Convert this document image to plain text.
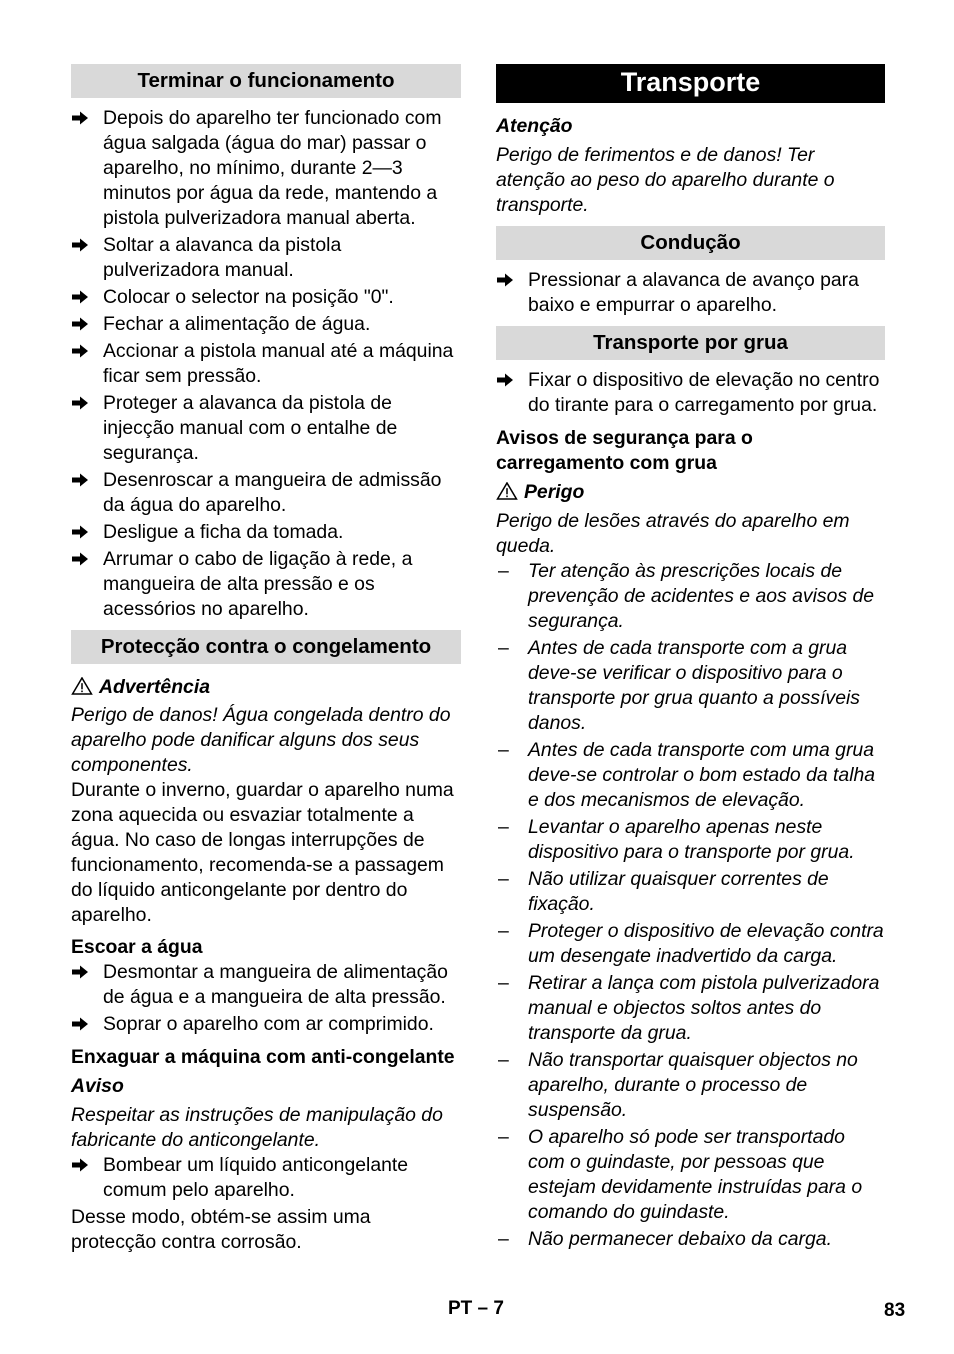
Terminar o funcionamento
Depois do aparelho ter funcionado com água salgada (água do mar) passar o aparelho, no mínimo, durante 2—3 minutos por água da rede, mantendo a pistola pulverizadora manual aberta.
Soltar a alavanca da pistola pulverizadora manual.
Colocar o selector na posição "0".
Fechar a alimentação de água.
Accionar a pistola manual até a máquina ficar sem pressão.
Proteger a alavanca da pistola de injecção manual com o entalhe de segurança.
Desenroscar a mangueira de admissão da água do aparelho.
Desligue a ficha da tomada.
Arrumar o cabo de ligação à rede, a mangueira de alta pressão e os acessórios no aparelho.
Protecção contra o congelamento

Advertência

Perigo de danos! Água congelada dentro do aparelho pode danificar alguns dos seus componentes.

Durante o inverno, guardar o aparelho numa zona aquecida ou esvaziar totalmente a água. No caso de longas interrupções de funcionamento, recomenda-se a passagem do líquido anticongelante por dentro do aparelho.

Escoar a água

Desmontar a mangueira de alimentação de água e a mangueira de alta pressão.
Soprar o aparelho com ar comprimido.

Enxaguar a máquina com anti-congelante

Aviso

Respeitar as instruções de manipulação do fabricante do anticongelante.

Bombear um líquido anticongelante comum pelo aparelho.

Desse modo, obtém-se assim uma protecção contra corrosão.

Transporte

Atenção

Perigo de ferimentos e de danos! Ter atenção ao peso do aparelho durante o transporte.

Condução
Pressionar a alavanca de avanço para baixo e empurrar o aparelho.
Transporte por grua
Fixar o dispositivo de elevação no centro do tirante para o carregamento por grua.

Avisos de segurança para o carregamento com grua

Perigo

Perigo de lesões através do aparelho em queda.

– Ter atenção às prescrições locais de prevenção de acidentes e aos avisos de segurança.
– Antes de cada transporte com a grua deve-se verificar o dispositivo para o transporte por grua quanto a possíveis danos.
– Antes de cada transporte com uma grua deve-se controlar o bom estado da talha e dos mecanismos de elevação.
– Levantar o aparelho apenas neste dispositivo para o transporte por grua.
– Não utilizar quaisquer correntes de fixação.
– Proteger o dispositivo de elevação contra um desengate inadvertido da carga.
– Retirar a lança com pistola pulverizadora manual e objectos soltos antes do transporte da grua.
– Não transportar quaisquer objectos no aparelho, durante o processo de suspensão.
– O aparelho só pode ser transportado com o guindaste, por pessoas que estejam devidamente instruídas para o comando do guindaste.
– Não permanecer debaixo da carga.
PT – 7	83
